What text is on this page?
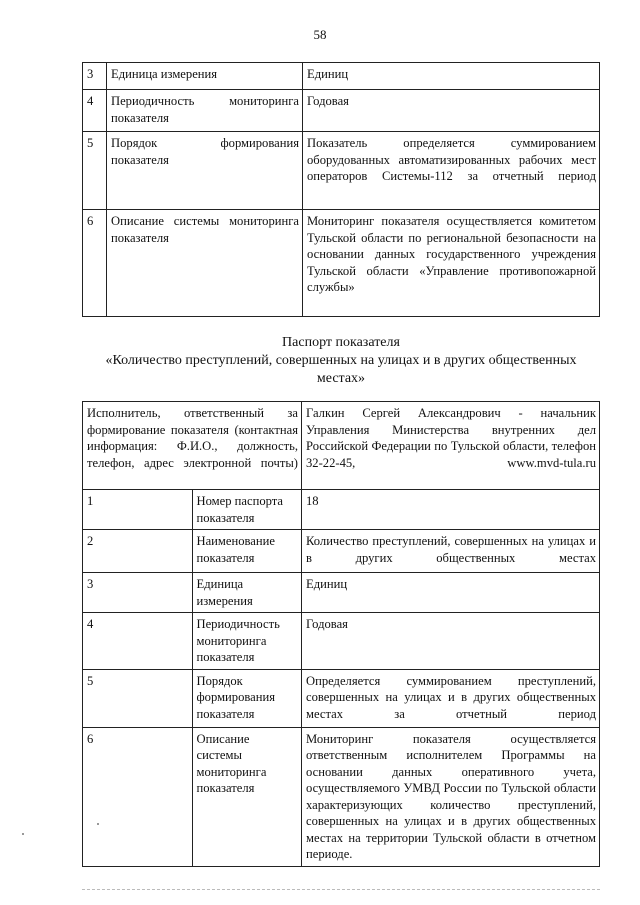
58
3	Единица измерения	Единиц
4	Периодичность мониторинга показателя	Годовая
5	Порядок формирования показателя	Показатель определяется суммированием оборудованных автоматизированных рабочих мест операторов Системы-112 за отчетный период
6	Описание системы мониторинга показателя	Мониторинг показателя осуществляется комитетом Тульской области по региональной безопасности на основании данных государственного учреждения Тульской области «Управление противопожарной службы»
Паспорт показателя
«Количество преступлений, совершенных на улицах и в других общественных местах»
Исполнитель, ответственный за формирование показателя (контактная информация: Ф.И.О., должность, телефон, адрес электронной почты)		Галкин Сергей Александрович - начальник Управления Министерства внутренних дел Российской Федерации по Тульской области, телефон 32-22-45, www.mvd-tula.ru
1	Номер паспорта показателя	18
2	Наименование показателя	Количество преступлений, совершенных на улицах и в других общественных местах
3	Единица измерения	Единиц
4	Периодичность мониторинга показателя	Годовая
5	Порядок формирования показателя	Определяется суммированием преступлений, совершенных на улицах и в других общественных местах за отчетный период
6	Описание системы мониторинга показателя	Мониторинг показателя осуществляется ответственным исполнителем Программы на основании данных оперативного учета, осуществляемого УМВД России по Тульской области характеризующих количество преступлений, совершенных на улицах и в других общественных местах на территории Тульской области в отчетном периоде.
